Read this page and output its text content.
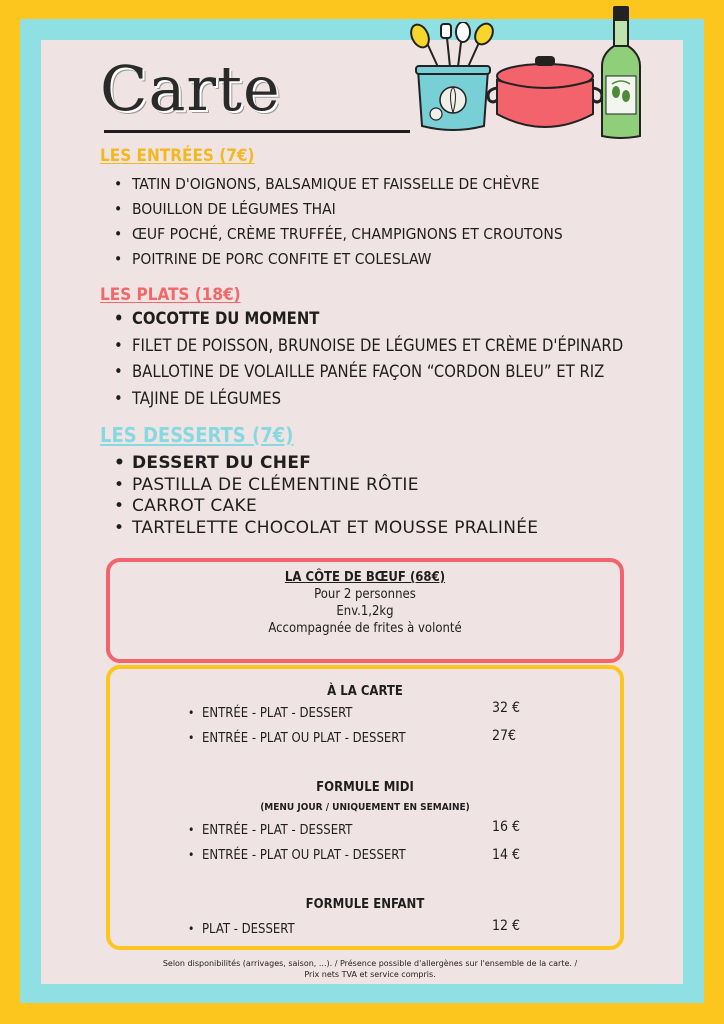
Carte
LES ENTRÉES (7€)
• TATIN D'OIGNONS, BALSAMIQUE ET FAISSELLE DE CHÈVRE
• BOUILLON DE LÉGUMES THAI
• ŒUF POCHÉ, CRÈME TRUFFÉE, CHAMPIGNONS ET CROUTONS
• POITRINE DE PORC CONFITE ET COLESLAW
LES PLATS (18€)
• COCOTTE DU MOMENT
• FILET DE POISSON, BRUNOISE DE LÉGUMES ET CRÈME D'ÉPINARD
• BALLOTINE DE VOLAILLE PANÉE FAÇON “CORDON BLEU” ET RIZ
• TAJINE DE LÉGUMES
LES DESSERTS (7€)
• DESSERT DU CHEF
• PASTILLA DE CLÉMENTINE RÔTIE
• CARROT CAKE
• TARTELETTE CHOCOLAT ET MOUSSE PRALINÉE
LA CÔTE DE BŒUF (68€)
Pour 2 personnes
Env.1,2kg
Accompagnée de frites à volonté
À LA CARTE
• ENTRÉE - PLAT - DESSERT	32 €
• ENTRÉE - PLAT OU PLAT - DESSERT	27€
FORMULE MIDI
(MENU JOUR / UNIQUEMENT EN SEMAINE)
• ENTRÉE - PLAT - DESSERT	16 €
• ENTRÉE - PLAT OU PLAT - DESSERT	14 €
FORMULE ENFANT
• PLAT - DESSERT	12 €
Selon disponibilités (arrivages, saison, ...). / Présence possible d'allergènes sur l'ensemble de la carte. /
Prix nets TVA et service compris.
